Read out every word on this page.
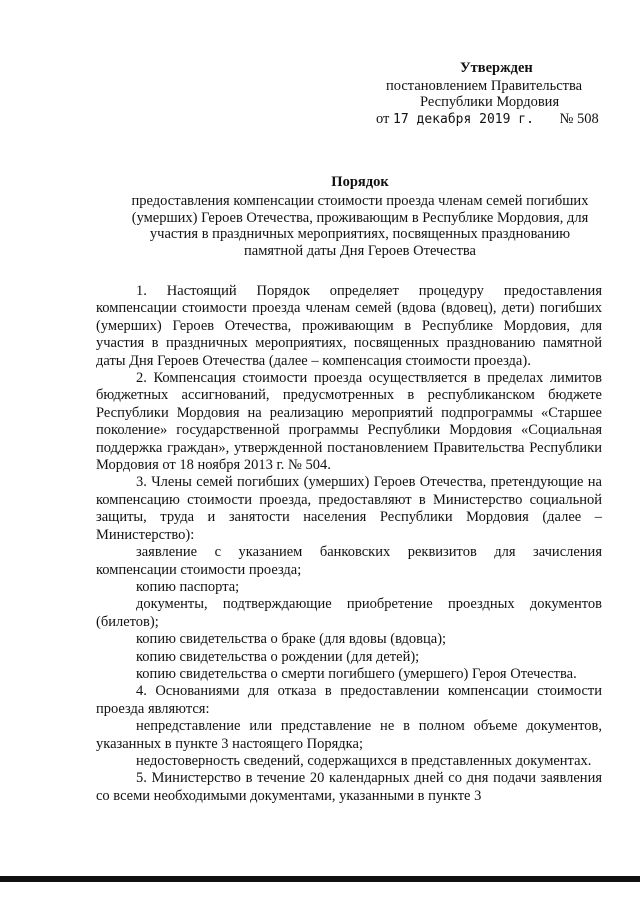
Утвержден
постановлением Правительства
Республики Мордовия
от 17 декабря 2019 г. № 508
Порядок
предоставления компенсации стоимости проезда членам семей погибших
(умерших) Героев Отечества, проживающим в Республике Мордовия, для
участия в праздничных мероприятиях, посвященных празднованию
памятной даты Дня Героев Отечества

1. Настоящий Порядок определяет процедуру предоставления компенсации стоимости проезда членам семей (вдова (вдовец), дети) погибших (умерших) Героев Отечества, проживающим в Республике Мордовия, для участия в праздничных мероприятиях, посвященных празднованию памятной даты Дня Героев Отечества (далее – компенсация стоимости проезда).

2. Компенсация стоимости проезда осуществляется в пределах лимитов бюджетных ассигнований, предусмотренных в республиканском бюджете Республики Мордовия на реализацию мероприятий подпрограммы «Старшее поколение» государственной программы Республики Мордовия «Социальная поддержка граждан», утвержденной постановлением Правительства Республики Мордовия от 18 ноября 2013 г. № 504.

3. Члены семей погибших (умерших) Героев Отечества, претендующие на компенсацию стоимости проезда, предоставляют в Министерство социальной защиты, труда и занятости населения Республики Мордовия (далее – Министерство):

заявление с указанием банковских реквизитов для зачисления компенсации стоимости проезда;

копию паспорта;

документы, подтверждающие приобретение проездных документов (билетов);

копию свидетельства о браке (для вдовы (вдовца);

копию свидетельства о рождении (для детей);

копию свидетельства о смерти погибшего (умершего) Героя Отечества.

4. Основаниями для отказа в предоставлении компенсации стоимости проезда являются:

непредставление или представление не в полном объеме документов, указанных в пункте 3 настоящего Порядка;

недостоверность сведений, содержащихся в представленных документах.

5. Министерство в течение 20 календарных дней со дня подачи заявления со всеми необходимыми документами, указанными в пункте 3
